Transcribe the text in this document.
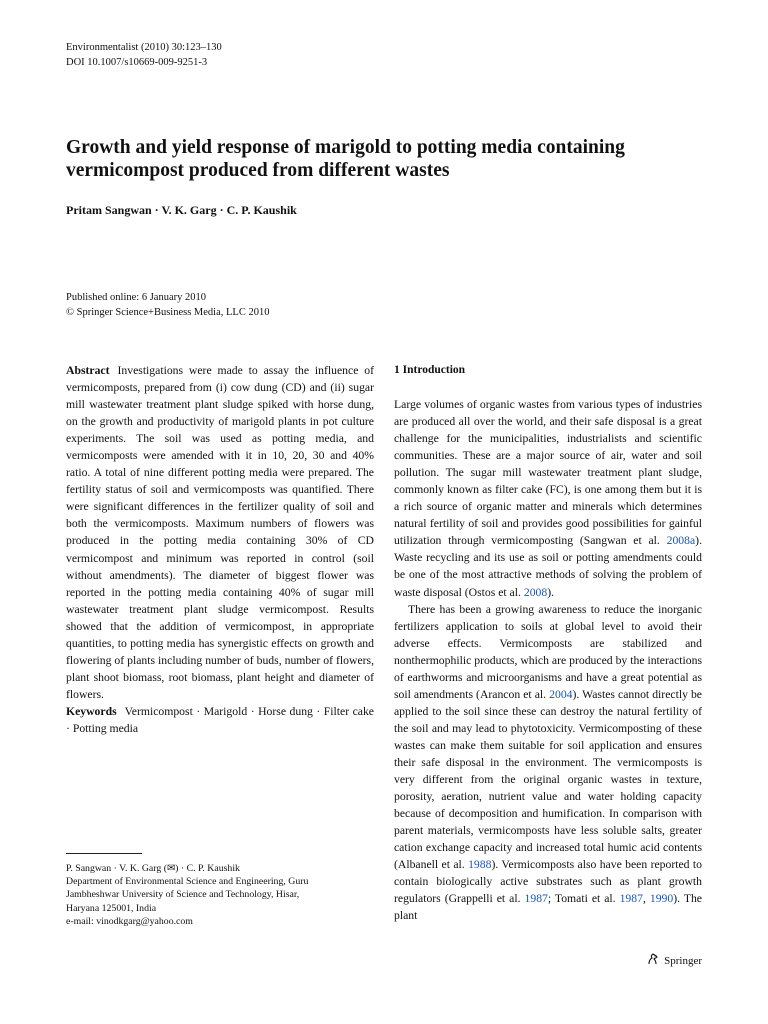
Environmentalist (2010) 30:123–130
DOI 10.1007/s10669-009-9251-3
Growth and yield response of marigold to potting media containing vermicompost produced from different wastes
Pritam Sangwan · V. K. Garg · C. P. Kaushik
Published online: 6 January 2010
© Springer Science+Business Media, LLC 2010

Abstract Investigations were made to assay the influence of vermicomposts, prepared from (i) cow dung (CD) and (ii) sugar mill wastewater treatment plant sludge spiked with horse dung, on the growth and productivity of marigold plants in pot culture experiments. The soil was used as potting media, and vermicomposts were amended with it in 10, 20, 30 and 40% ratio. A total of nine different potting media were prepared. The fertility status of soil and vermicomposts was quantified. There were significant differences in the fertilizer quality of soil and both the vermicomposts. Maximum numbers of flowers was produced in the potting media containing 30% of CD vermicompost and minimum was reported in control (soil without amendments). The diameter of biggest flower was reported in the potting media containing 40% of sugar mill wastewater treatment plant sludge vermicompost. Results showed that the addition of vermicompost, in appropriate quantities, to potting media has synergistic effects on growth and flowering of plants including number of buds, number of flowers, plant shoot biomass, root biomass, plant height and diameter of flowers.

Keywords Vermicompost · Marigold · Horse dung · Filter cake · Potting media

P. Sangwan · V. K. Garg (✉) · C. P. Kaushik
Department of Environmental Science and Engineering, Guru
Jambheshwar University of Science and Technology, Hisar,
Haryana 125001, India
e-mail: vinodkgarg@yahoo.com
1 Introduction

Large volumes of organic wastes from various types of industries are produced all over the world, and their safe disposal is a great challenge for the municipalities, industrialists and scientific communities. These are a major source of air, water and soil pollution. The sugar mill wastewater treatment plant sludge, commonly known as filter cake (FC), is one among them but it is a rich source of organic matter and minerals which determines natural fertility of soil and provides good possibilities for gainful utilization through vermicomposting (Sangwan et al. 2008a). Waste recycling and its use as soil or potting amendments could be one of the most attractive methods of solving the problem of waste disposal (Ostos et al. 2008).

There has been a growing awareness to reduce the inorganic fertilizers application to soils at global level to avoid their adverse effects. Vermicomposts are stabilized and nonthermophilic products, which are produced by the interactions of earthworms and microorganisms and have a great potential as soil amendments (Arancon et al. 2004). Wastes cannot directly be applied to the soil since these can destroy the natural fertility of the soil and may lead to phytotoxicity. Vermicomposting of these wastes can make them suitable for soil application and ensures their safe disposal in the environment. The vermicomposts is very different from the original organic wastes in texture, porosity, aeration, nutrient value and water holding capacity because of decomposition and humification. In comparison with parent materials, vermicomposts have less soluble salts, greater cation exchange capacity and increased total humic acid contents (Albanell et al. 1988). Vermicomposts also have been reported to contain biologically active substrates such as plant growth regulators (Grappelli et al. 1987; Tomati et al. 1987, 1990). The plant

Springer
